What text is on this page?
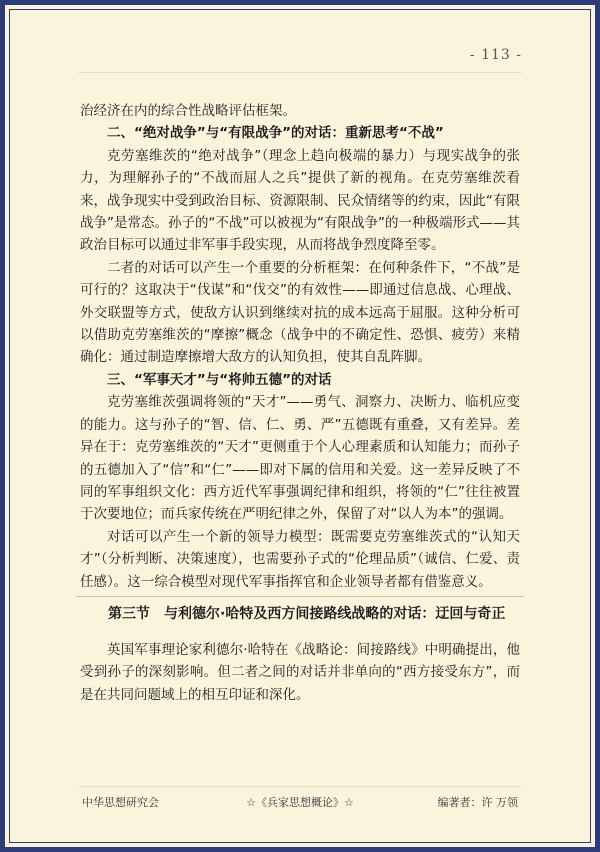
- 113 -

治经济在内的综合性战略评估框架。

二、“绝对战争”与“有限战争”的对话：重新思考“不战”

克劳塞维茨的“绝对战争”（理念上趋向极端的暴力）与现实战争的张力，为理解孙子的“不战而屈人之兵”提供了新的视角。在克劳塞维茨看来，战争现实中受到政治目标、资源限制、民众情绪等的约束，因此“有限战争”是常态。孙子的“不战”可以被视为“有限战争”的一种极端形式——其政治目标可以通过非军事手段实现，从而将战争烈度降至零。

二者的对话可以产生一个重要的分析框架：在何种条件下，“不战”是可行的？这取决于“伐谋”和“伐交”的有效性——即通过信息战、心理战、外交联盟等方式，使敌方认识到继续对抗的成本远高于屈服。这种分析可以借助克劳塞维茨的“摩擦”概念（战争中的不确定性、恐惧、疲劳）来精确化：通过制造摩擦增大敌方的认知负担，使其自乱阵脚。

三、“军事天才”与“将帅五德”的对话

克劳塞维茨强调将领的“天才”——勇气、洞察力、决断力、临机应变的能力。这与孙子的“智、信、仁、勇、严”五德既有重叠，又有差异。差异在于：克劳塞维茨的“天才”更侧重于个人心理素质和认知能力；而孙子的五德加入了“信”和“仁”——即对下属的信用和关爱。这一差异反映了不同的军事组织文化：西方近代军事强调纪律和组织，将领的“仁”往往被置于次要地位；而兵家传统在严明纪律之外，保留了对“以人为本”的强调。

对话可以产生一个新的领导力模型：既需要克劳塞维茨式的“认知天才”（分析判断、决策速度），也需要孙子式的“伦理品质”（诚信、仁爱、责任感）。这一综合模型对现代军事指挥官和企业领导者都有借鉴意义。

第三节　与利德尔·哈特及西方间接路线战略的对话：迂回与奇正

英国军事理论家利德尔·哈特在《战略论：间接路线》中明确提出，他受到孙子的深刻影响。但二者之间的对话并非单向的“西方接受东方”，而是在共同问题域上的相互印证和深化。

中华思想研究会	☆《兵家思想概论》☆	编著者：许 万领
